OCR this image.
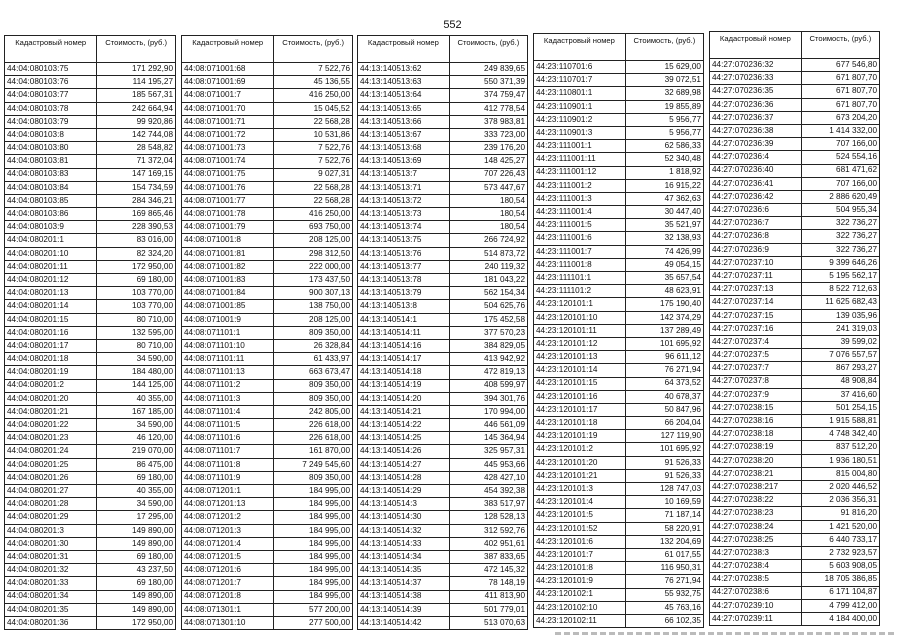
552
Кадастровый номер	Стоимость, (руб.)
44:04:080103:75	171 292,90
44:04:080103:76	114 195,27
44:04:080103:77	185 567,31
44:04:080103:78	242 664,94
44:04:080103:79	99 920,86
44:04:080103:8	142 744,08
44:04:080103:80	28 548,82
44:04:080103:81	71 372,04
44:04:080103:83	147 169,15
44:04:080103:84	154 734,59
44:04:080103:85	284 346,21
44:04:080103:86	169 865,46
44:04:080103:9	228 390,53
44:04:080201:1	83 016,00
44:04:080201:10	82 324,20
44:04:080201:11	172 950,00
44:04:080201:12	69 180,00
44:04:080201:13	103 770,00
44:04:080201:14	103 770,00
44:04:080201:15	80 710,00
44:04:080201:16	132 595,00
44:04:080201:17	80 710,00
44:04:080201:18	34 590,00
44:04:080201:19	184 480,00
44:04:080201:2	144 125,00
44:04:080201:20	40 355,00
44:04:080201:21	167 185,00
44:04:080201:22	34 590,00
44:04:080201:23	46 120,00
44:04:080201:24	219 070,00
44:04:080201:25	86 475,00
44:04:080201:26	69 180,00
44:04:080201:27	40 355,00
44:04:080201:28	34 590,00
44:04:080201:29	17 295,00
44:04:080201:3	149 890,00
44:04:080201:30	149 890,00
44:04:080201:31	69 180,00
44:04:080201:32	43 237,50
44:04:080201:33	69 180,00
44:04:080201:34	149 890,00
44:04:080201:35	149 890,00
44:04:080201:36	172 950,00
Кадастровый номер	Стоимость, (руб.)
44:08:071001:68	7 522,76
44:08:071001:69	45 136,55
44:08:071001:7	416 250,00
44:08:071001:70	15 045,52
44:08:071001:71	22 568,28
44:08:071001:72	10 531,86
44:08:071001:73	7 522,76
44:08:071001:74	7 522,76
44:08:071001:75	9 027,31
44:08:071001:76	22 568,28
44:08:071001:77	22 568,28
44:08:071001:78	416 250,00
44:08:071001:79	693 750,00
44:08:071001:8	208 125,00
44:08:071001:81	298 312,50
44:08:071001:82	222 000,00
44:08:071001:83	173 437,50
44:08:071001:84	900 307,13
44:08:071001:85	138 750,00
44:08:071001:9	208 125,00
44:08:071101:1	809 350,00
44:08:071101:10	26 328,84
44:08:071101:11	61 433,97
44:08:071101:13	663 673,47
44:08:071101:2	809 350,00
44:08:071101:3	809 350,00
44:08:071101:4	242 805,00
44:08:071101:5	226 618,00
44:08:071101:6	226 618,00
44:08:071101:7	161 870,00
44:08:071101:8	7 249 545,60
44:08:071101:9	809 350,00
44:08:071201:1	184 995,00
44:08:071201:13	184 995,00
44:08:071201:2	184 995,00
44:08:071201:3	184 995,00
44:08:071201:4	184 995,00
44:08:071201:5	184 995,00
44:08:071201:6	184 995,00
44:08:071201:7	184 995,00
44:08:071201:8	184 995,00
44:08:071301:1	577 200,00
44:08:071301:10	277 500,00
Кадастровый номер	Стоимость, (руб.)
44:13:140513:62	249 839,65
44:13:140513:63	550 371,39
44:13:140513:64	374 759,47
44:13:140513:65	412 778,54
44:13:140513:66	378 983,81
44:13:140513:67	333 723,00
44:13:140513:68	239 176,20
44:13:140513:69	148 425,27
44:13:140513:7	707 226,43
44:13:140513:71	573 447,67
44:13:140513:72	180,54
44:13:140513:73	180,54
44:13:140513:74	180,54
44:13:140513:75	266 724,92
44:13:140513:76	514 873,72
44:13:140513:77	240 119,32
44:13:140513:78	181 043,22
44:13:140513:79	562 154,34
44:13:140513:8	504 625,76
44:13:140514:1	175 452,58
44:13:140514:11	377 570,23
44:13:140514:16	384 829,05
44:13:140514:17	413 942,92
44:13:140514:18	472 819,13
44:13:140514:19	408 599,97
44:13:140514:20	394 301,76
44:13:140514:21	170 994,00
44:13:140514:22	446 561,09
44:13:140514:25	145 364,94
44:13:140514:26	325 957,31
44:13:140514:27	445 953,66
44:13:140514:28	428 427,10
44:13:140514:29	454 392,38
44:13:140514:3	383 517,97
44:13:140514:30	128 528,13
44:13:140514:32	312 592,76
44:13:140514:33	402 951,61
44:13:140514:34	387 833,65
44:13:140514:35	472 145,32
44:13:140514:37	78 148,19
44:13:140514:38	411 813,90
44:13:140514:39	501 779,01
44:13:140514:42	513 070,63
Кадастровый номер	Стоимость, (руб.)
44:23:110701:6	15 629,00
44:23:110701:7	39 072,51
44:23:110801:1	32 689,98
44:23:110901:1	19 855,89
44:23:110901:2	5 956,77
44:23:110901:3	5 956,77
44:23:111001:1	62 586,33
44:23:111001:11	52 340,48
44:23:111001:12	1 818,92
44:23:111001:2	16 915,22
44:23:111001:3	47 362,63
44:23:111001:4	30 447,40
44:23:111001:5	35 521,97
44:23:111001:6	32 138,93
44:23:111001:7	74 426,99
44:23:111001:8	49 054,15
44:23:111101:1	35 657,54
44:23:111101:2	48 623,91
44:23:120101:1	175 190,40
44:23:120101:10	142 374,29
44:23:120101:11	137 289,49
44:23:120101:12	101 695,92
44:23:120101:13	96 611,12
44:23:120101:14	76 271,94
44:23:120101:15	64 373,52
44:23:120101:16	40 678,37
44:23:120101:17	50 847,96
44:23:120101:18	66 204,04
44:23:120101:19	127 119,90
44:23:120101:2	101 695,92
44:23:120101:20	91 526,33
44:23:120101:21	91 526,33
44:23:120101:3	128 747,03
44:23:120101:4	10 169,59
44:23:120101:5	71 187,14
44:23:120101:52	58 220,91
44:23:120101:6	132 204,69
44:23:120101:7	61 017,55
44:23:120101:8	116 950,31
44:23:120101:9	76 271,94
44:23:120102:1	55 932,75
44:23:120102:10	45 763,16
44:23:120102:11	66 102,35
Кадастровый номер	Стоимость, (руб.)
44:27:070236:32	677 546,80
44:27:070236:33	671 807,70
44:27:070236:35	671 807,70
44:27:070236:36	671 807,70
44:27:070236:37	673 204,20
44:27:070236:38	1 414 332,00
44:27:070236:39	707 166,00
44:27:070236:4	524 554,16
44:27:070236:40	681 471,62
44:27:070236:41	707 166,00
44:27:070236:42	2 886 620,49
44:27:070236:6	504 955,34
44:27:070236:7	322 736,27
44:27:070236:8	322 736,27
44:27:070236:9	322 736,27
44:27:070237:10	9 399 646,26
44:27:070237:11	5 195 562,17
44:27:070237:13	8 522 712,63
44:27:070237:14	11 625 682,43
44:27:070237:15	139 035,96
44:27:070237:16	241 319,03
44:27:070237:4	39 599,02
44:27:070237:5	7 076 557,57
44:27:070237:7	867 293,27
44:27:070237:8	48 908,84
44:27:070237:9	37 416,60
44:27:070238:15	501 254,15
44:27:070238:16	1 915 588,81
44:27:070238:18	4 748 342,40
44:27:070238:19	837 512,20
44:27:070238:20	1 936 180,51
44:27:070238:21	815 004,80
44:27:070238:217	2 020 446,52
44:27:070238:22	2 036 356,31
44:27:070238:23	91 816,20
44:27:070238:24	1 421 520,00
44:27:070238:25	6 440 733,17
44:27:070238:3	2 732 923,57
44:27:070238:4	5 603 908,05
44:27:070238:5	18 705 386,85
44:27:070238:6	6 171 104,87
44:27:070239:10	4 799 412,00
44:27:070239:11	4 184 400,00
